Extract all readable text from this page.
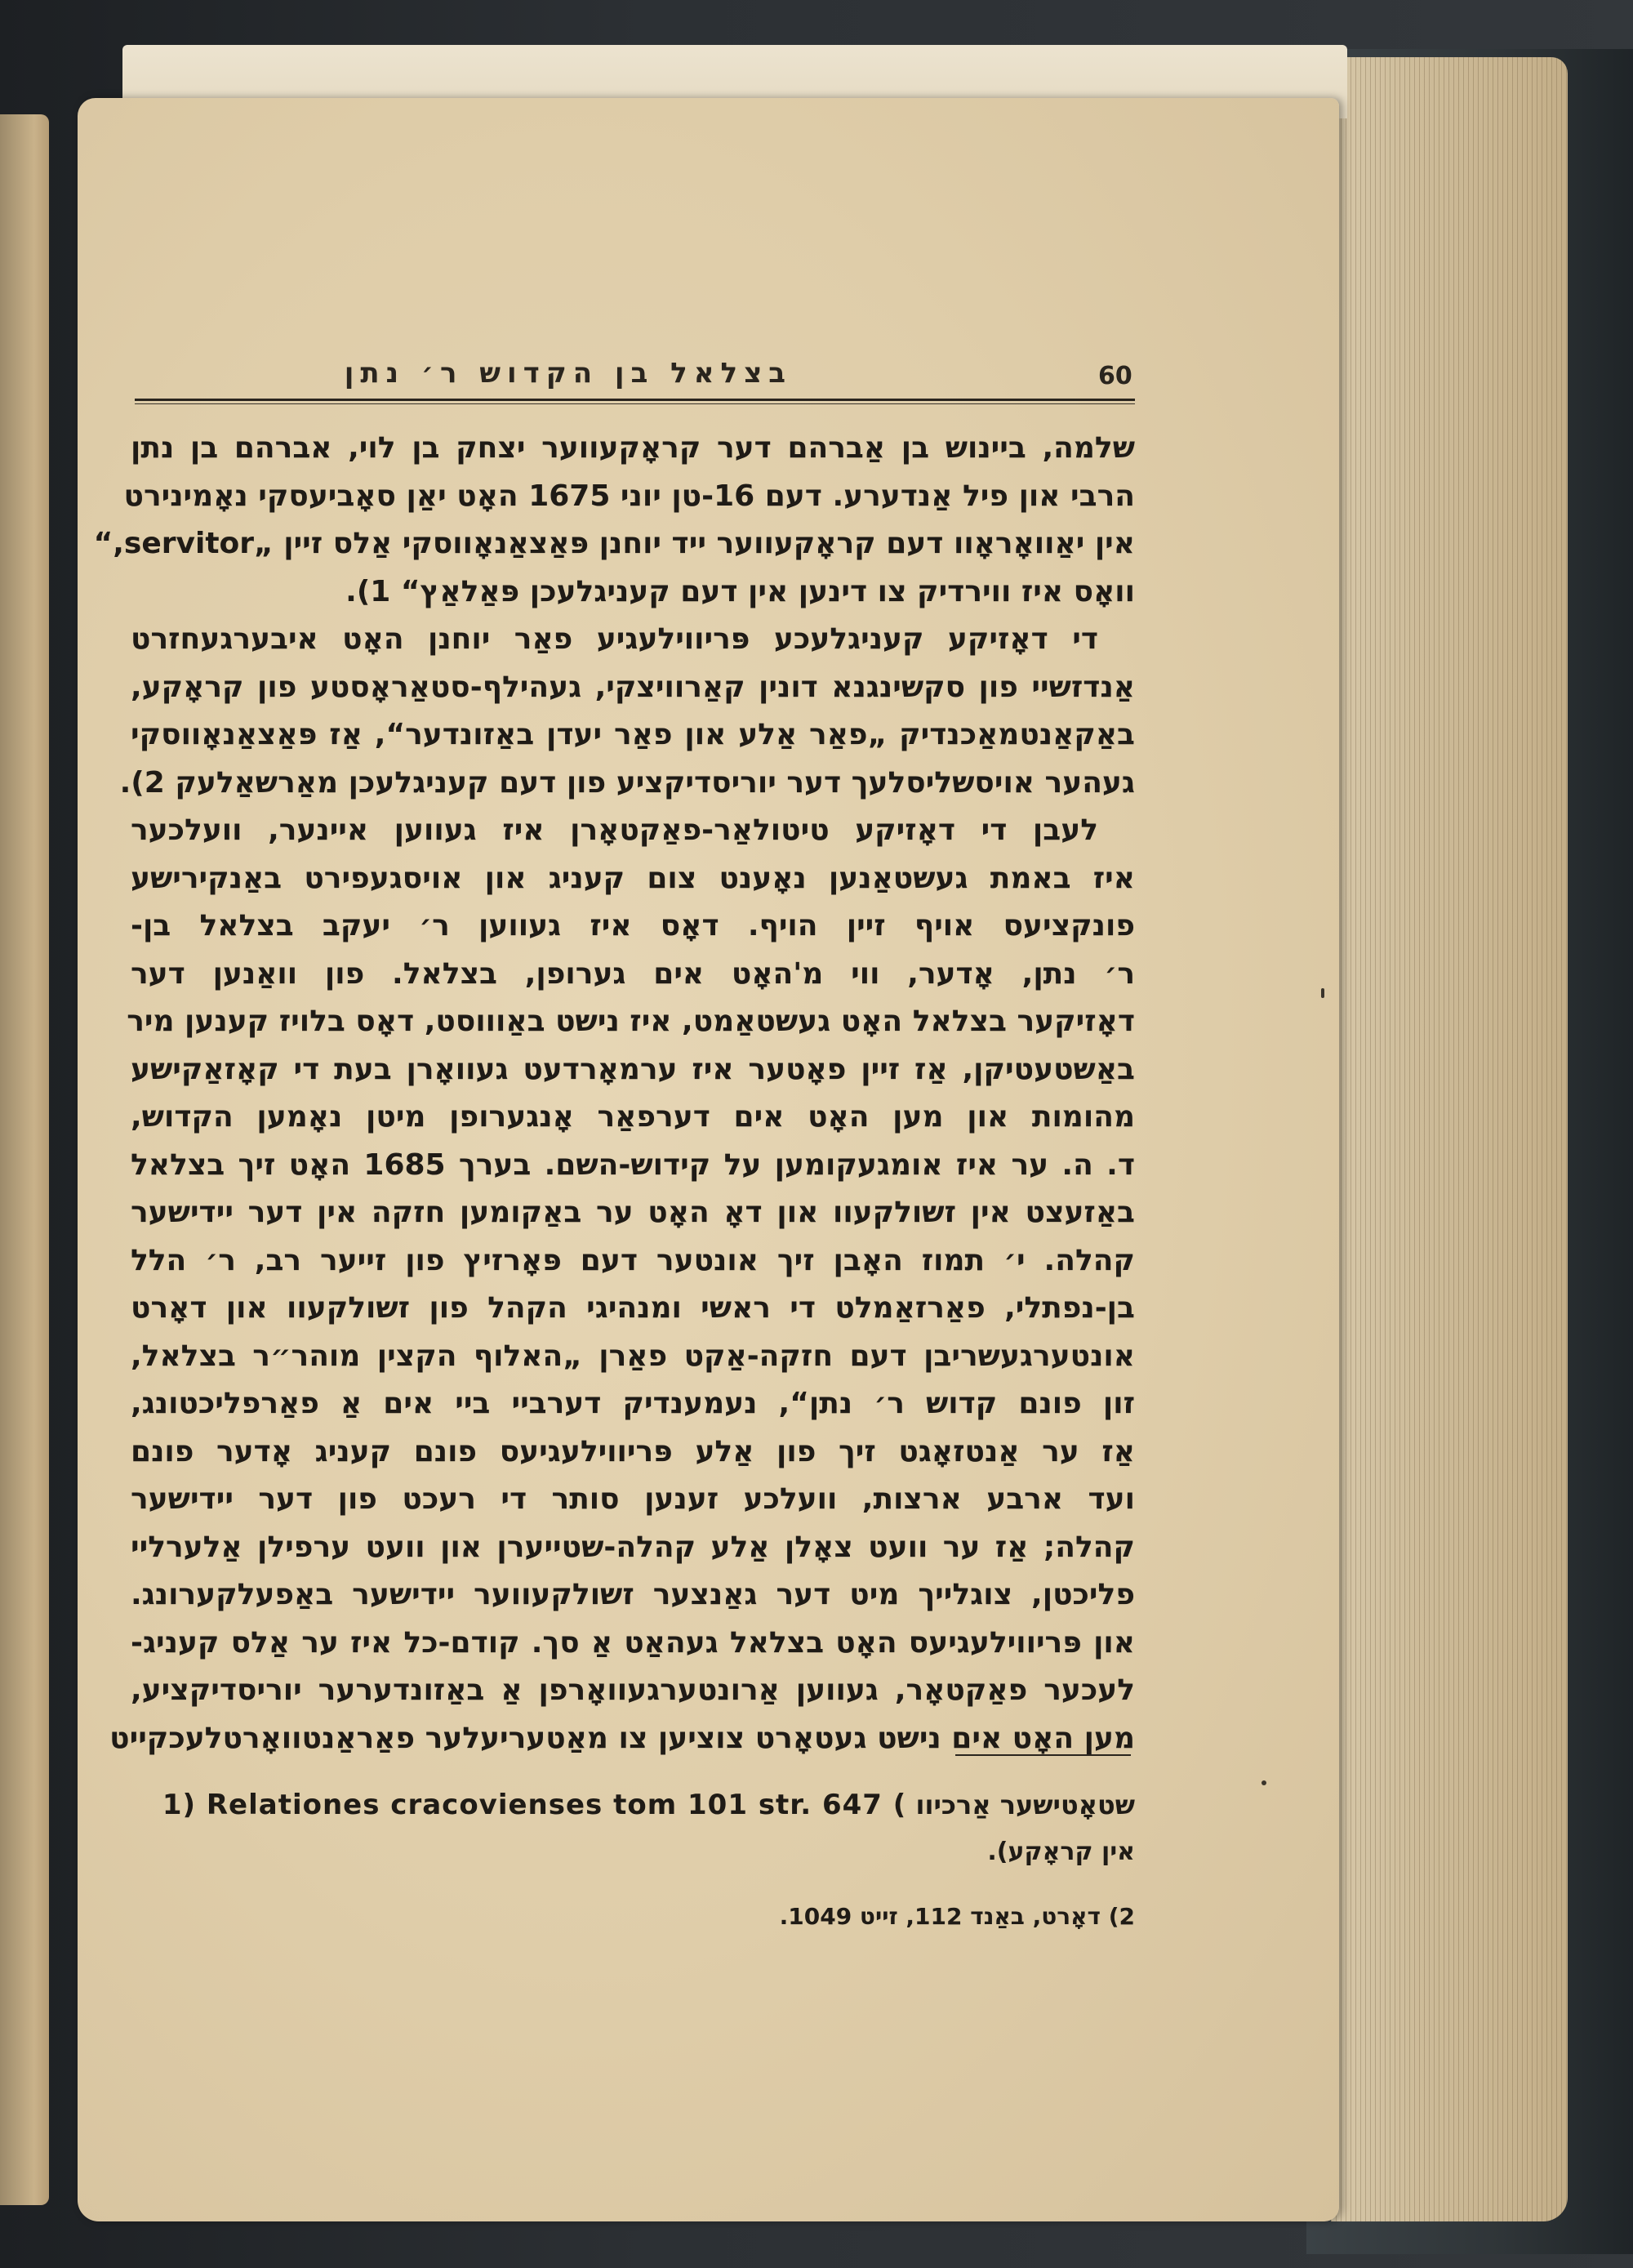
בצלאל בן הקדוש ר׳ נתן	60
שלמה, ביינוש בן אַברהם דער קראָקעווער יצחק בן לוי, אברהם בן נתן
הרבי און פיל אַנדערע. דעם 16-טן יוני 1675 האָט יאַן סאָביעסקי נאָמינירט
אין יאַוואָראָוו דעם קראָקעווער ייד יוחנן פּאַצאַנאָווסקי אַלס זיין „servitor,“
וואָס איז ווירדיק צו דינען אין דעם קעניגלעכן פּאַלאַץ“ 1).
די דאָזיקע קעניגלעכע פּריווילעגיע פאַר יוחנן האָט איבערגעחזרט
אַנדזשיי פון סקשינגנא דונין קאַרוויצקי, געהילף-סטאַראָסטע פון קראָקע,
באַקאַנטמאַכנדיק „פאַר אַלע און פאַר יעדן באַזונדער“, אַז פּאַצאַנאָווסקי
געהער אויסשליסלעך דער יוריסדיקציע פון דעם קעניגלעכן מאַרשאַלעק 2).
לעבן די דאָזיקע טיטולאַר-פאַקטאָרן איז געווען איינער, וועלכער
איז באמת געשטאַנען נאָענט צום קעניג און אויסגעפירט באַנקירישע
פונקציעס אויף זיין הויף. דאָס איז געווען ר׳ יעקב בצלאל בן-
ר׳ נתן, אָדער, ווי מ'האָט אים גערופן, בצלאל. פון וואַנען דער
דאָזיקער בצלאל האָט געשטאַמט, איז נישט באַוווסט, דאָס בלויז קענען מיר
באַשטעטיקן, אַז זיין פאָטער איז ערמאָרדעט געוואָרן בעת די קאָזאַקישע
מהומות און מען האָט אים דערפאַר אָנגערופן מיטן נאָמען הקדוש,
ד. ה. ער איז אומגעקומען על קידוש-השם. בערך 1685 האָט זיך בצלאל
באַזעצט אין זשולקעוו און דאָ האָט ער באַקומען חזקה אין דער יידישער
קהלה. י׳ תמוז האָבן זיך אונטער דעם פּאָרזיץ פון זייער רב, ר׳ הלל
בן-נפתלי, פאַרזאַמלט די ראשי ומנהיגי הקהל פון זשולקעוו און דאָרט
אונטערגעשריבן דעם חזקה-אַקט פאַרן „האלוף הקצין מוהר״ר בצלאל,
זון פונם קדוש ר׳ נתן“, נעמענדיק דערביי ביי אים אַ פאַרפליכטונג,
אַז ער אַנטזאָגט זיך פון אַלע פּריווילעגיעס פונם קעניג אָדער פונם
ועד ארבע ארצות, וועלכע זענען סותר די רעכט פון דער יידישער
קהלה; אַז ער וועט צאָלן אַלע קהלה-שטייערן און וועט ערפילן אַלערליי
פליכטן, צוגלייך מיט דער גאַנצער זשולקעווער יידישער באַפעלקערונג.
און פּריווילעגיעס האָט בצלאל געהאַט אַ סך. קודם-כל איז ער אַלס קעניג-
לעכער פאַקטאָר, געווען אַרונטערגעוואָרפן אַ באַזונדערער יוריסדיקציע,
מען האָט אים נישט געטאָרט צוציען צו מאַטעריעלער פאַראַנטוואָרטלעכקייט
שטאָטישער אַרכיוו 1) Relationes cracovienses tom 101 str. 647 (
אין קראָקע).
2) דאָרט, באַנד 112, זייט 1049.
